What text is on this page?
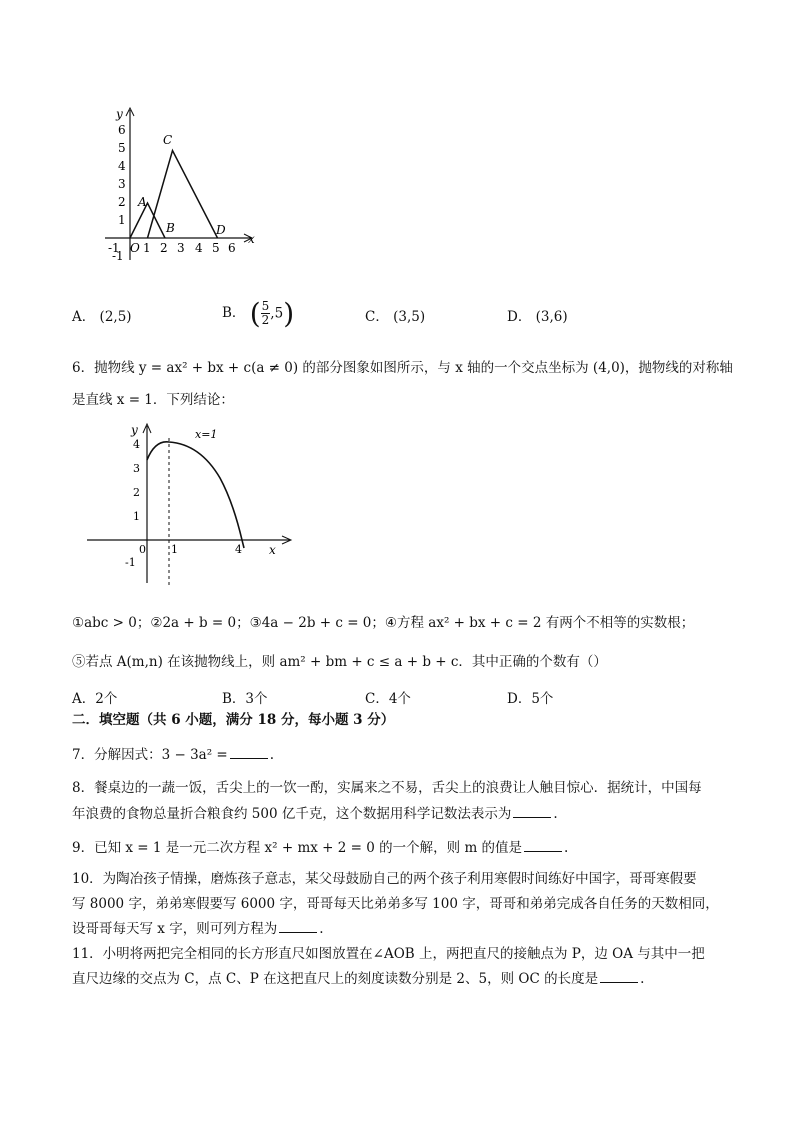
y
x
6
5
4
3
2
1
-1
-1 O 1 2 3 4 5 6
A
B
C
D
A． (2,5)	B． ( $\frac{5}{2} ,5$)	C． (3,5)	D． (3,6)
6．抛物线 y = ax² + bx + c(a ≠ 0) 的部分图象如图所示，与 x 轴的一个交点坐标为 (4,0)，抛物线的对称轴
是直线 x = 1．下列结论：
y
x
x=1
4
3
2
1
-1
0 1	4
①abc > 0；②2a + b = 0；③4a − 2b + c = 0；④方程 ax² + bx + c = 2 有两个不相等的实数根；
⑤若点 A(m,n) 在该抛物线上，则 am² + bm + c ≤ a + b + c．其中正确的个数有（）
A．2个	B．3个	C．4个	D．5个
二．填空题（共 6 小题，满分 18 分，每小题 3 分）
7．分解因式：3 − 3a² =	.
8．餐桌边的一蔬一饭，舌尖上的一饮一酌，实属来之不易，舌尖上的浪费让人触目惊心．据统计，中国每
年浪费的食物总量折合粮食约 500 亿千克，这个数据用科学记数法表示为	.
9．已知 x = 1 是一元二次方程 x² + mx + 2 = 0 的一个解，则 m 的值是	.
10．为陶冶孩子情操，磨炼孩子意志，某父母鼓励自己的两个孩子利用寒假时间练好中国字，哥哥寒假要
写 8000 字，弟弟寒假要写 6000 字，哥哥每天比弟弟多写 100 字，哥哥和弟弟完成各自任务的天数相同，
设哥哥每天写 x 字，则可列方程为	.
11．小明将两把完全相同的长方形直尺如图放置在∠AOB 上，两把直尺的接触点为 P，边 OA 与其中一把
直尺边缘的交点为 C，点 C、P 在这把直尺上的刻度读数分别是 2、5，则 OC 的长度是	.
